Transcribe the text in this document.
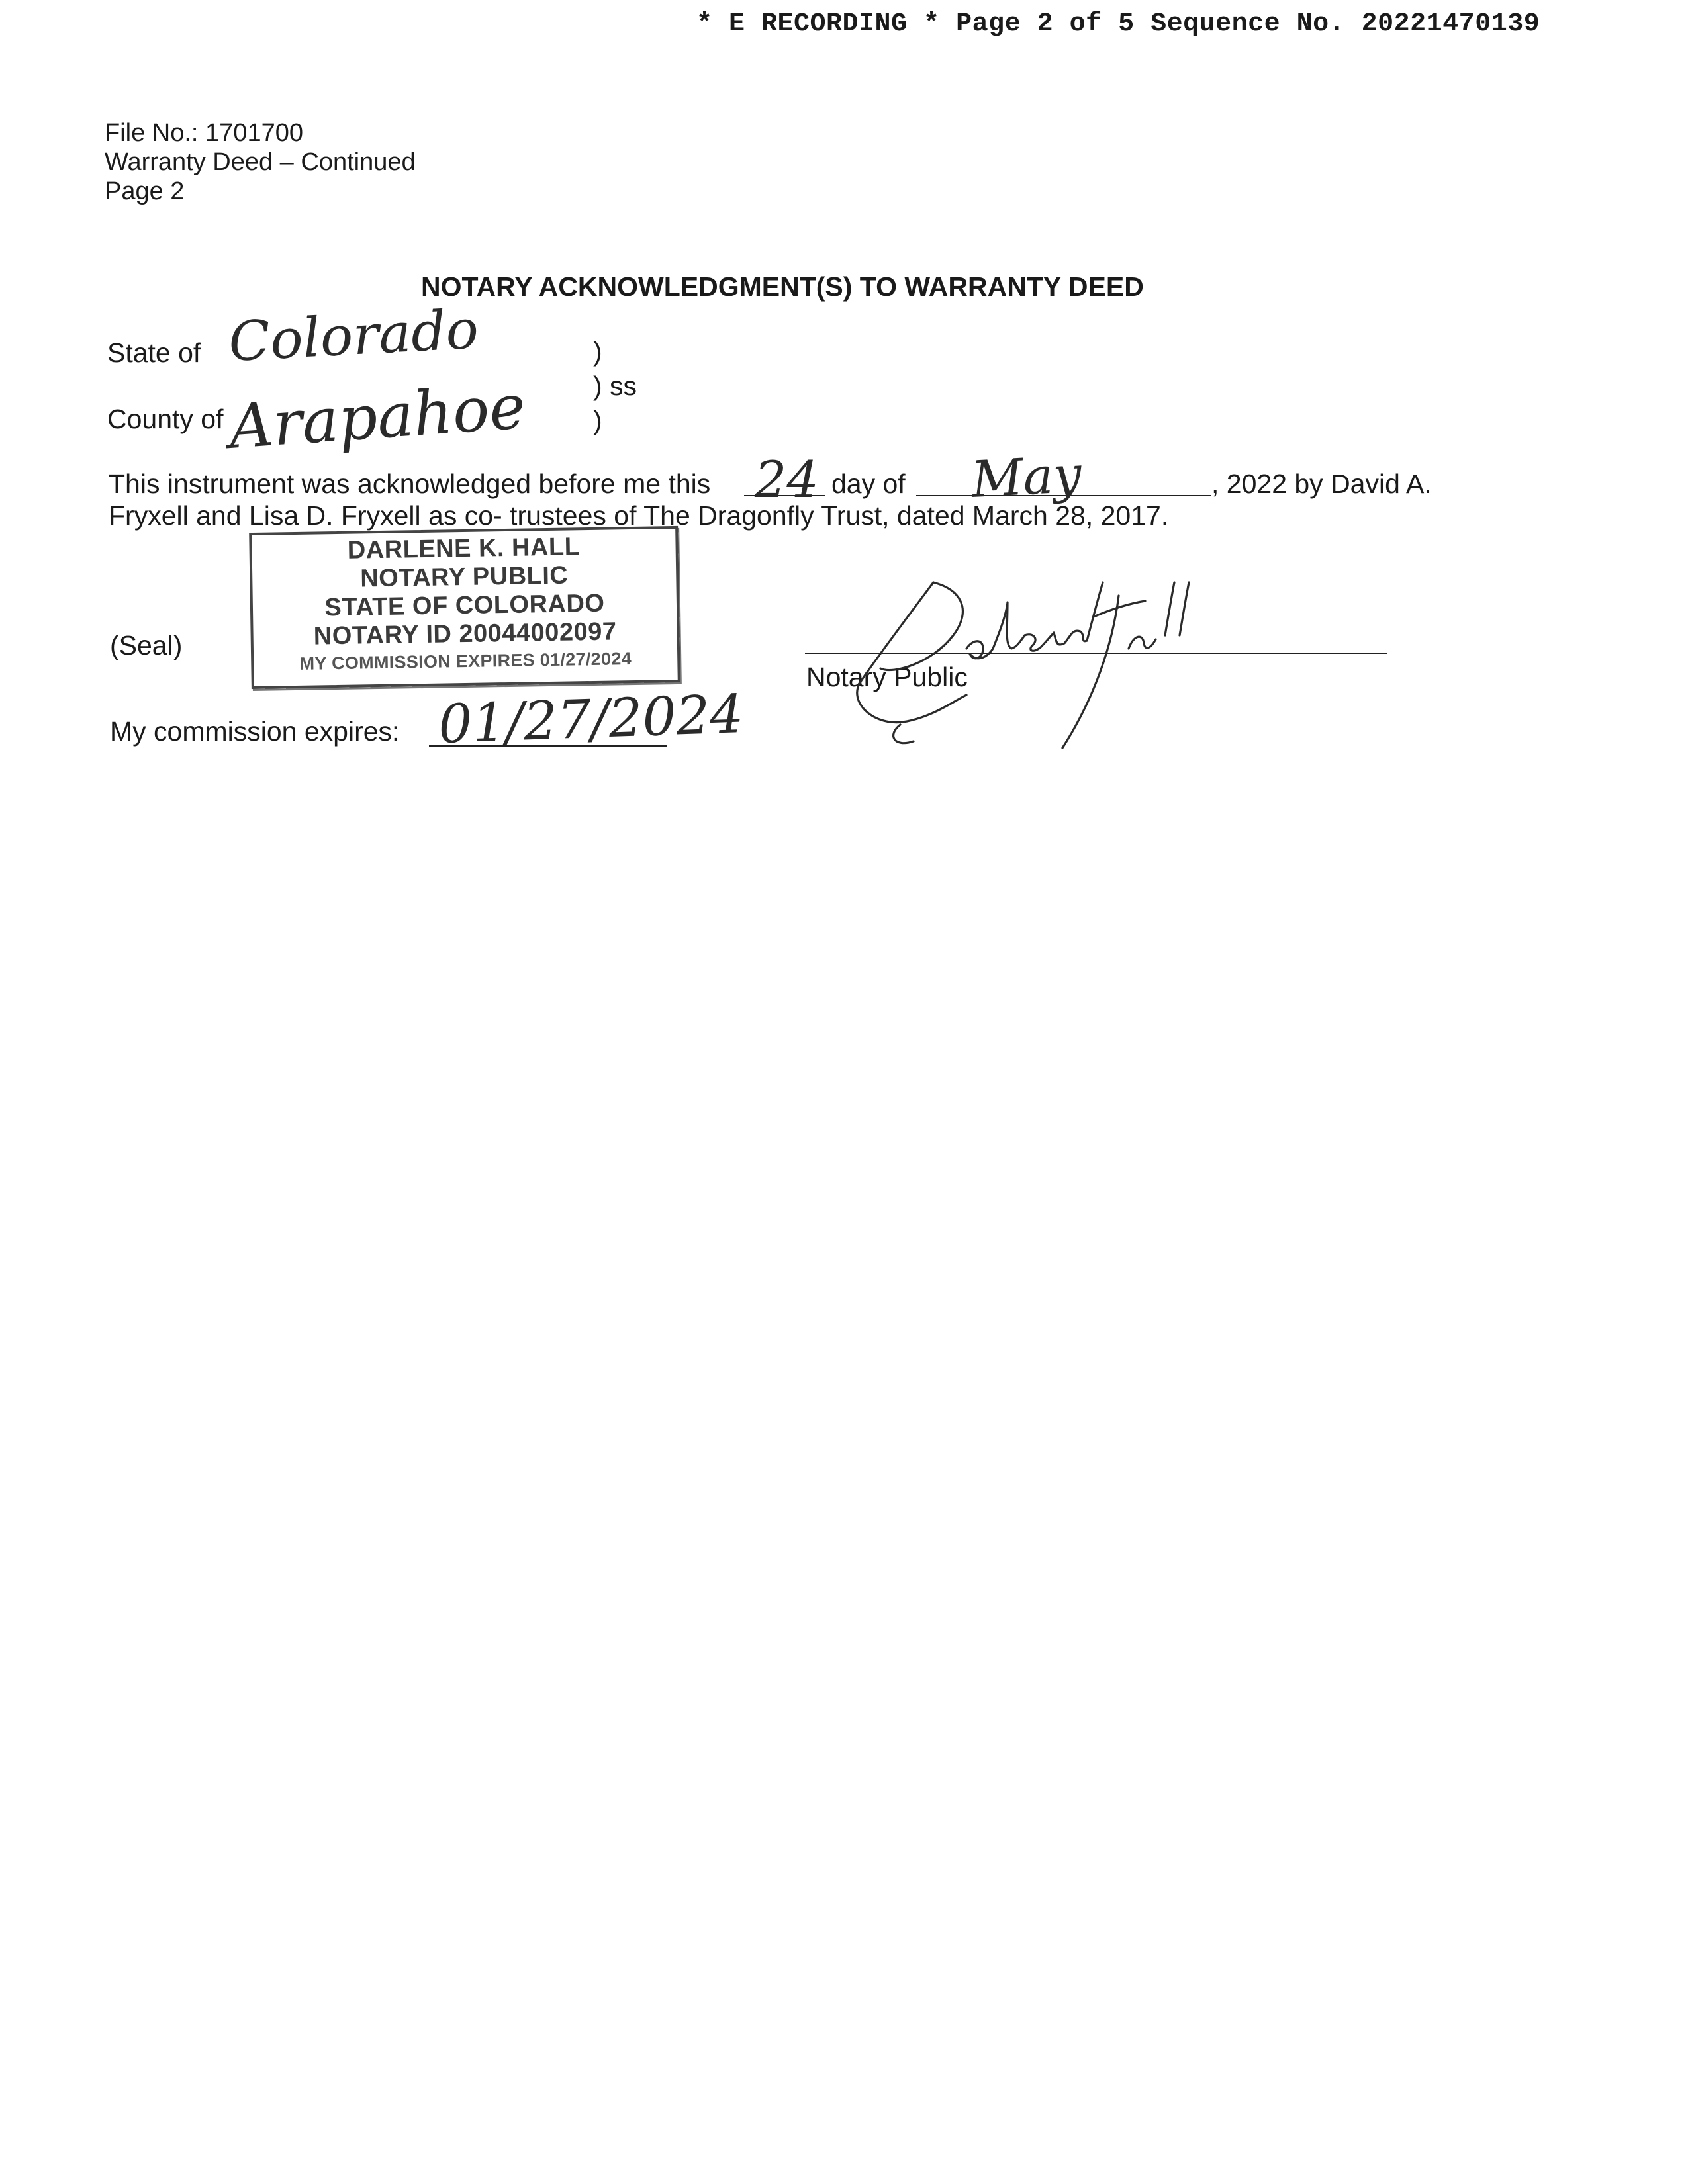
* E RECORDING * Page 2 of 5 Sequence No. 20221470139
File No.: 1701700
Warranty Deed – Continued
Page 2
NOTARY ACKNOWLEDGMENT(S) TO WARRANTY DEED
State of Colorado	)
) ss
)
County of Arapahoe
This instrument was acknowledged before me this 24 day of May	, 2022 by David A.
Fryxell and Lisa D. Fryxell as co- trustees of The Dragonfly Trust, dated March 28, 2017.
DARLENE K. HALL
NOTARY PUBLIC
STATE OF COLORADO
NOTARY ID 20044002097
MY COMMISSION EXPIRES 01/27/2024
(Seal)
Notary Public
My commission expires: 01/27/2024
